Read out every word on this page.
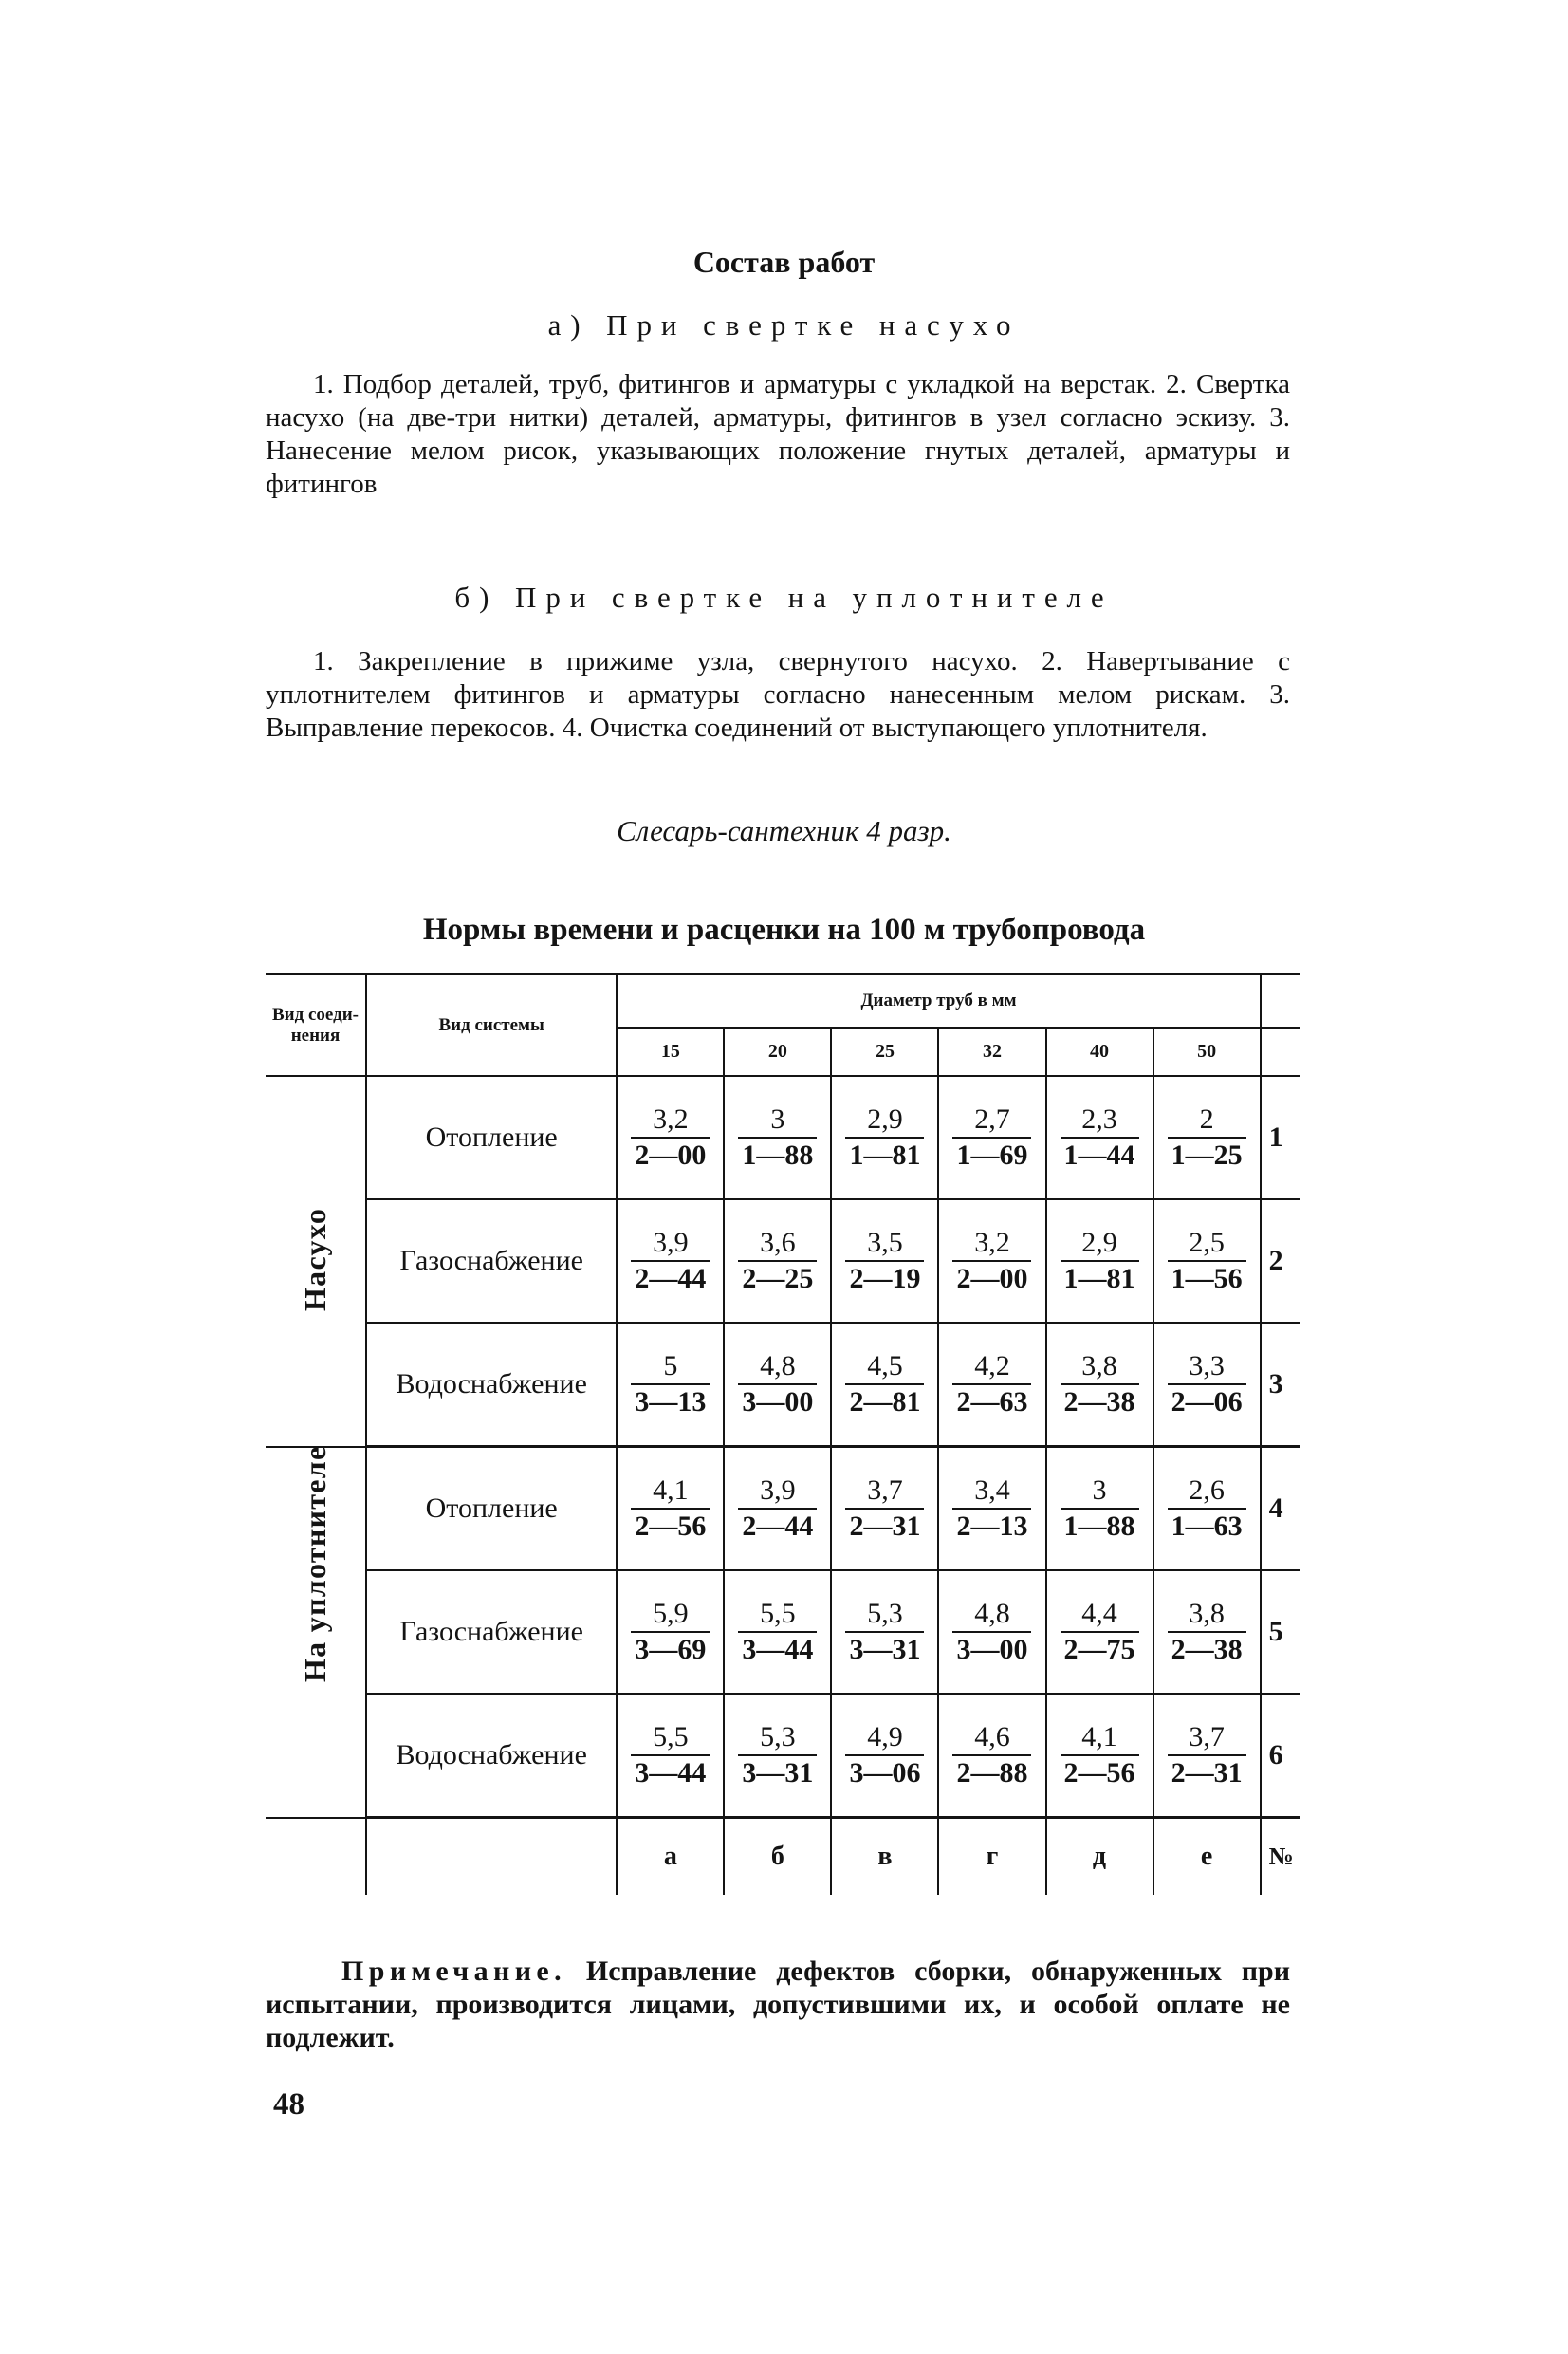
Состав работ
а) При свертке насухо

1. Подбор деталей, труб, фитингов и арматуры с укладкой на верстак. 2. Свертка насухо (на две-три нитки) деталей, арматуры, фитингов в узел согласно эскизу. 3. Нанесение мелом рисок, указывающих положение гнутых деталей, арматуры и фитингов

б) При свертке на уплотнителе

1. Закрепление в прижиме узла, свернутого насухо. 2. Навертывание с уплотнителем фитингов и арматуры согласно нанесенным мелом рискам. 3. Выправление перекосов. 4. Очистка соединений от выступающего уплотнителя.

Слесарь-сантехник 4 разр.
Нормы времени и расценки на 100 м трубопровода
Вид соеди-нения	Вид системы	Диаметр труб в мм						
		15	20	25	32	40	50	

Насухо	Отопление	$\frac{3,2}{2—00}$	$\frac{3}{1—88}$	$\frac{2,9}{1—81}$	$\frac{2,7}{1—69}$	$\frac{2,3}{1—44}$	$\frac{2}{1—25}$	1
	Газоснабжение	$\frac{3,9}{2—44}$	$\frac{3,6}{2—25}$	$\frac{3,5}{2—19}$	$\frac{3,2}{2—00}$	$\frac{2,9}{1—81}$	$\frac{2,5}{1—56}$	2
	Водоснабжение	$\frac{5}{3—13}$	$\frac{4,8}{3—00}$	$\frac{4,5}{2—81}$	$\frac{4,2}{2—63}$	$\frac{3,8}{2—38}$	$\frac{3,3}{2—06}$	3

На уплотнителе	Отопление	$\frac{4,1}{2—56}$	$\frac{3,9}{2—44}$	$\frac{3,7}{2—31}$	$\frac{3,4}{2—13}$	$\frac{3}{1—88}$	$\frac{2,6}{1—63}$	4
	Газоснабжение	$\frac{5,9}{3—69}$	$\frac{5,5}{3—44}$	$\frac{5,3}{3—31}$	$\frac{4,8}{3—00}$	$\frac{4,4}{2—75}$	$\frac{3,8}{2—38}$	5
	Водоснабжение	$\frac{5,5}{3—44}$	$\frac{5,3}{3—31}$	$\frac{4,9}{3—06}$	$\frac{4,6}{2—88}$	$\frac{4,1}{2—56}$	$\frac{3,7}{2—31}$	6
		а	б	в	г	д	е	№

Примечание. Исправление дефектов сборки, обнаруженных при испытании, производится лицами, допустившими их, и особой оплате не подлежит.

48
